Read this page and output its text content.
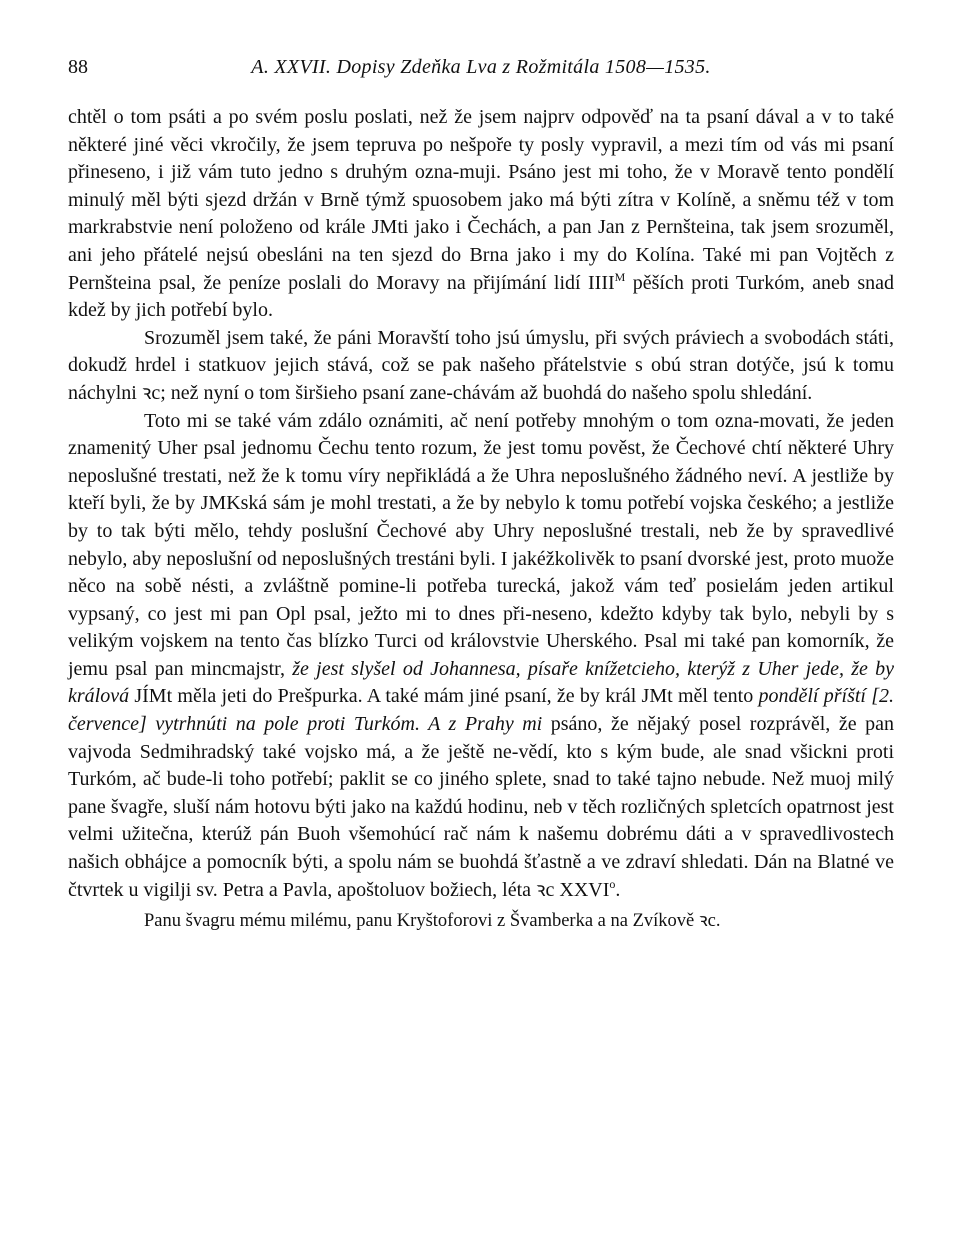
88	A. XXVII. Dopisy Zdeňka Lva z Rožmitála 1508—1535.

chtěl o tom psáti a po svém poslu poslati, než že jsem najprv odpověď na ta psaní dával a v to také některé jiné věci vkročily, že jsem tepruva po nešpoře ty posly vypravil, a mezi tím od vás mi psaní přineseno, i již vám tuto jedno s druhým ozna-muji. Psáno jest mi toho, že v Moravě tento pondělí minulý měl býti sjezd držán v Brně týmž spuosobem jako má býti zítra v Kolíně, a sněmu též v tom markrabstvie není položeno od krále JMti jako i Čechách, a pan Jan z Pernšteina, tak jsem srozuměl, ani jeho přátelé nejsú obesláni na ten sjezd do Brna jako i my do Kolína. Také mi pan Vojtěch z Pernšteina psal, že peníze poslali do Moravy na přijímání lidí $IIII^M$ pěších proti Turkóm, aneb snad kdež by jich potřebí bylo.

Srozuměl jsem také, že páni Moravští toho jsú úmyslu, při svých práviech a svobodách státi, dokudž hrdel i statkuov jejich stává, což se pak našeho přátelstvie s obú stran dotýče, jsú k tomu náchylni ꝛc; než nyní o tom širšieho psaní zane-chávám až buohdá do našeho spolu shledání.

Toto mi se také vám zdálo oznámiti, ač není potřeby mnohým o tom ozna-movati, že jeden znamenitý Uher psal jednomu Čechu tento rozum, že jest tomu pověst, že Čechové chtí některé Uhry neposlušné trestati, než že k tomu víry nepřikládá a že Uhra neposlušného žádného neví. A jestliže by kteří byli, že by JMKská sám je mohl trestati, a že by nebylo k tomu potřebí vojska českého; a jestliže by to tak býti mělo, tehdy poslušní Čechové aby Uhry neposlušné trestali, neb že by spravedlivé nebylo, aby neposlušní od neposlušných trestáni byli. I jakéžkolivěk to psaní dvorské jest, proto muože něco na sobě nésti, a zvláštně pomine-li potřeba turecká, jakož vám teď posielám jeden artikul vypsaný, co jest mi pan Opl psal, ježto mi to dnes při-neseno, kdežto kdyby tak bylo, nebyli by s velikým vojskem na tento čas blízko Turci od královstvie Uherského. Psal mi také pan komorník, že jemu psal pan mincmajstr, že jest slyšel od Johannesa, písaře knížetcieho, kterýž z Uher jede, že by králová JÍMt měla jeti do Prešpurka. A také mám jiné psaní, že by král JMt měl tento pondělí příští [2. července] vytrhnúti na pole proti Turkóm. A z Prahy mi psáno, že nějaký posel rozprávěl, že pan vajvoda Sedmihradský také vojsko má, a že ještě ne-vědí, kto s kým bude, ale snad všickni proti Turkóm, ač bude-li toho potřebí; paklit se co jiného splete, snad to také tajno nebude. Než muoj milý pane švagře, sluší nám hotovu býti jako na každú hodinu, neb v těch rozličných spletcích opatrnost jest velmi užitečna, kterúž pán Buoh všemohúcí rač nám k našemu dobrému dáti a v spravedlivostech našich obhájce a pomocník býti, a spolu nám se buohdá šťastně a ve zdraví shledati. Dán na Blatné ve čtvrtek u vigilji sv. Petra a Pavla, apoštoluov božiech, léta ꝛc XXVI$^o$.

Panu švagru mému milému, panu Kryštoforovi z Švamberka a na Zvíkově ꝛc.
